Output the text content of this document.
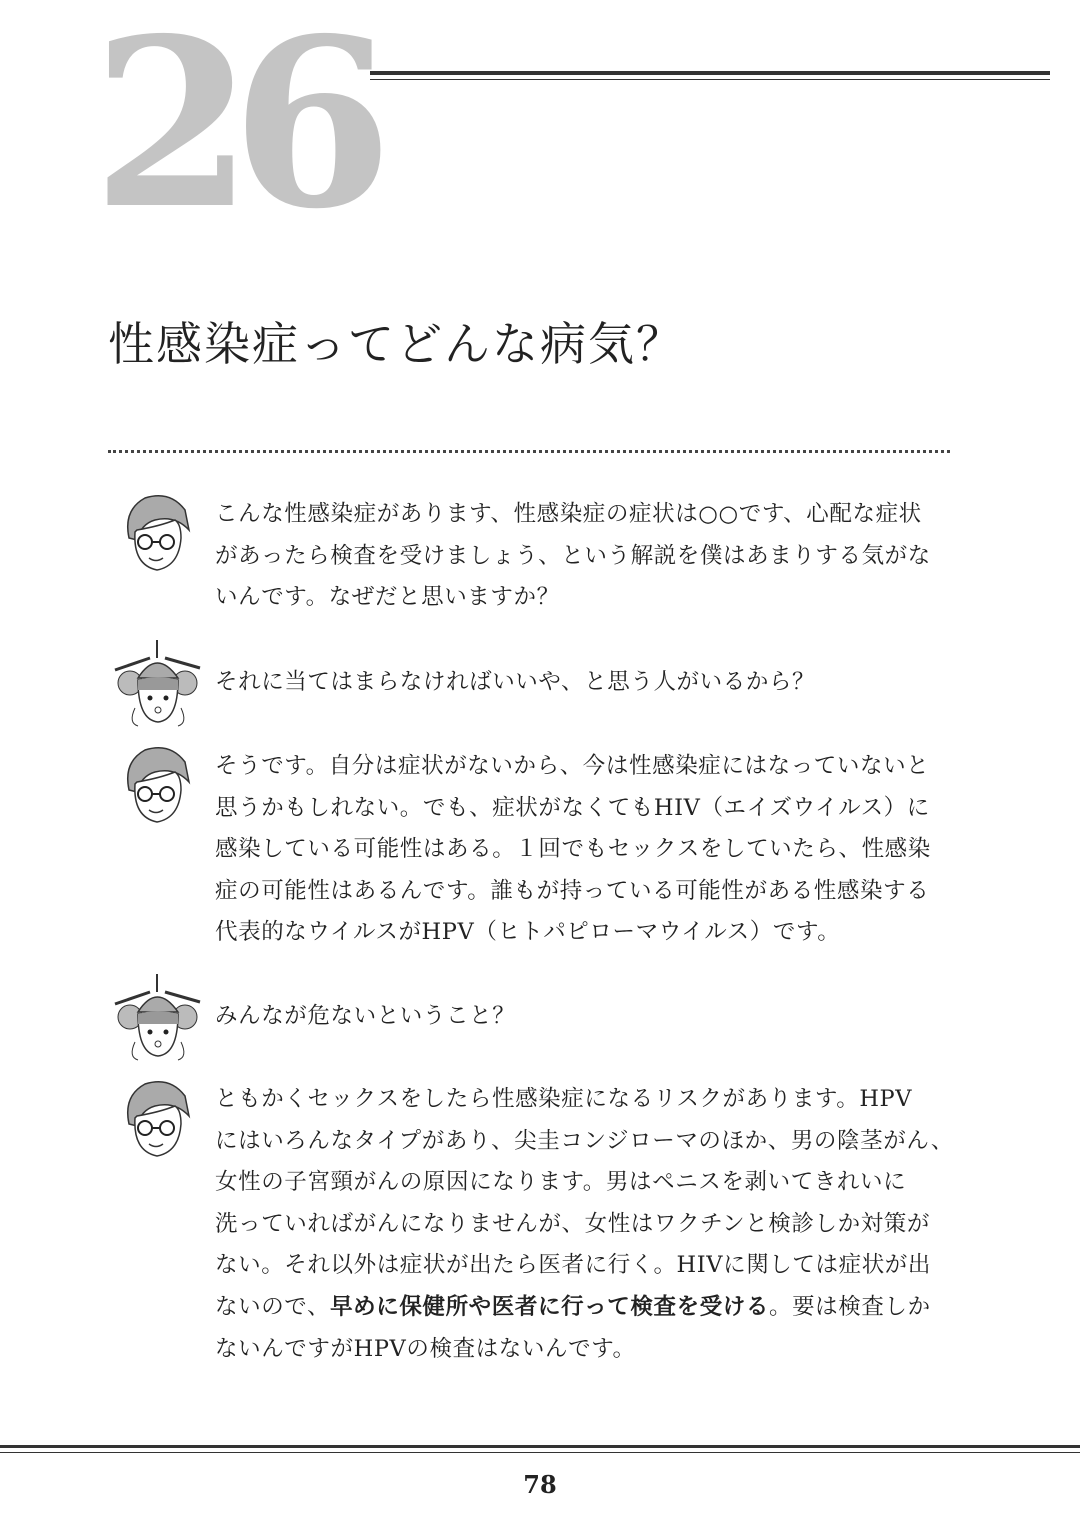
26
性感染症ってどんな病気？
こんな性感染症があります、性感染症の症状は○○です、心配な症状
があったら検査を受けましょう、という解説を僕はあまりする気がな
いんです。なぜだと思いますか？
それに当てはまらなければいいや、と思う人がいるから？
そうです。自分は症状がないから、今は性感染症にはなっていないと
思うかもしれない。でも、症状がなくてもHIV（エイズウイルス）に
感染している可能性はある。１回でもセックスをしていたら、性感染
症の可能性はあるんです。誰もが持っている可能性がある性感染する
代表的なウイルスがHPV（ヒトパピローマウイルス）です。
みんなが危ないということ？
ともかくセックスをしたら性感染症になるリスクがあります。HPV
にはいろんなタイプがあり、尖圭コンジローマのほか、男の陰茎がん、
女性の子宮頸がんの原因になります。男はペニスを剥いてきれいに
洗っていればがんになりませんが、女性はワクチンと検診しか対策が
ない。それ以外は症状が出たら医者に行く。HIVに関しては症状が出
ないので、早めに保健所や医者に行って検査を受ける。要は検査しか
ないんですがHPVの検査はないんです。
78
